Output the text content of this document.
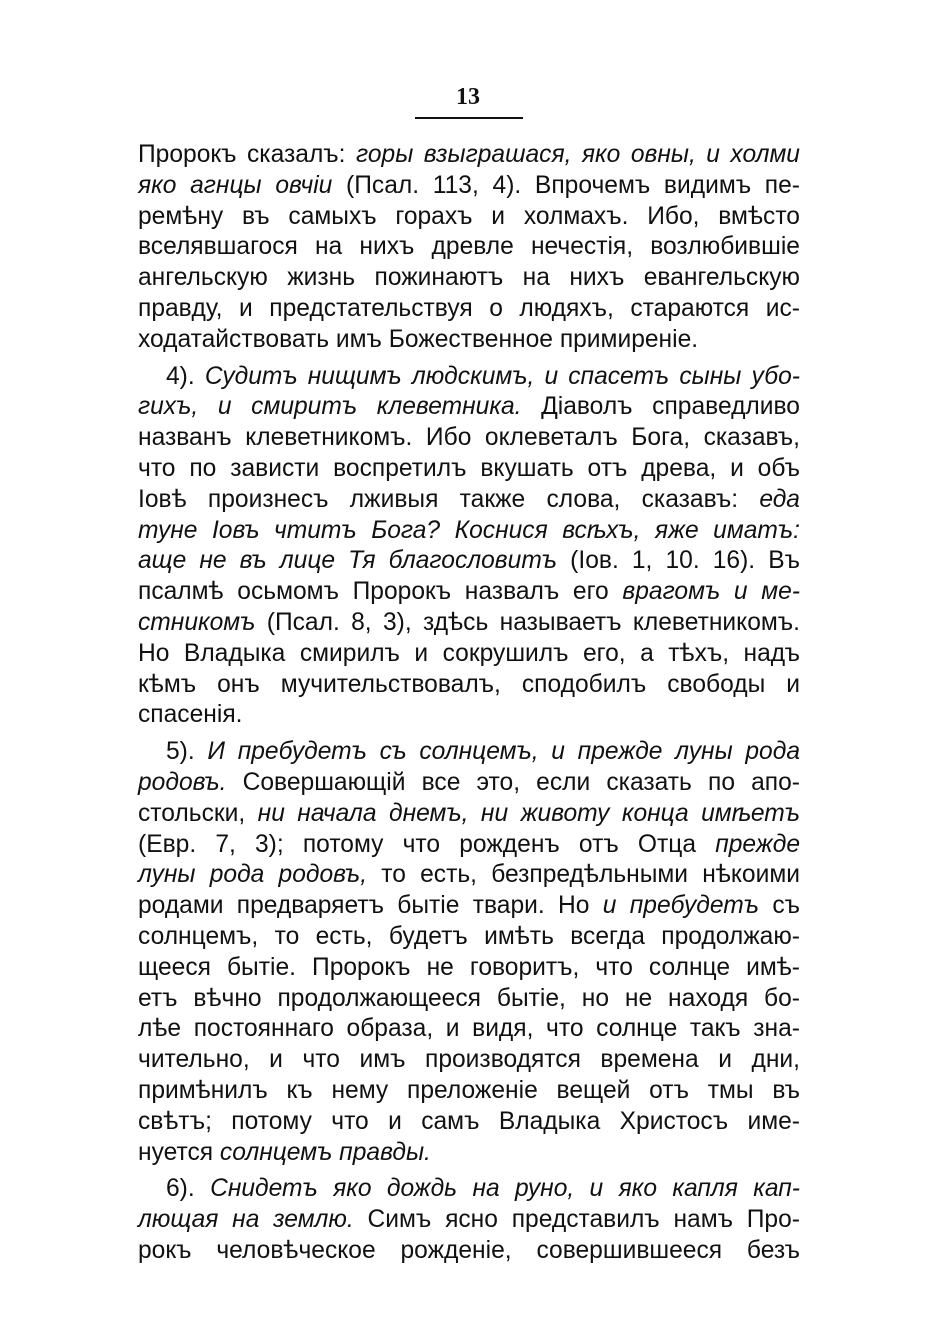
13
Пророкъ сказалъ: горы взыграшася, яко овны, и холми
яко агнцы овчiи (Псал. 113, 4). Впрочемъ видимъ пе-
ремѣну въ самыхъ горахъ и холмахъ. Ибо, вмѣсто
вселявшагося на нихъ древле нечестiя, возлюбившiе
ангельскую жизнь пожинаютъ на нихъ евангельскую
правду, и предстательствуя о людяхъ, стараются ис-
ходатайствовать имъ Божественное примиренiе.
4). Судитъ нищимъ людскимъ, и спасетъ сыны убо-
гихъ, и смиритъ клеветника. Дiаволъ справедливо
названъ клеветникомъ. Ибо оклеветалъ Бога, сказавъ,
что по зависти воспретилъ вкушать отъ древа, и объ
Iовѣ произнесъ лживыя также слова, сказавъ: еда
туне Iовъ чтитъ Бога? Коснися всѣхъ, яже иматъ:
аще не въ лице Тя благословитъ (Iов. 1, 10. 16). Въ
псалмѣ осьмомъ Пророкъ назвалъ его врагомъ и ме-
стникомъ (Псал. 8, 3), здѣсь называетъ клеветникомъ.
Но Владыка смирилъ и сокрушилъ его, а тѣхъ, надъ
кѣмъ онъ мучительствовалъ, сподобилъ свободы и
спасенiя.
5). И пребудетъ съ солнцемъ, и прежде луны рода
родовъ. Совершающiй все это, если сказать по апо-
стольски, ни начала днемъ, ни животу конца имѣетъ
(Евр. 7, 3); потому что рожденъ отъ Отца прежде
луны рода родовъ, то есть, безпредѣльными нѣкоими
родами предваряетъ бытiе твари. Но и пребудетъ съ
солнцемъ, то есть, будетъ имѣть всегда продолжаю-
щееся бытiе. Пророкъ не говоритъ, что солнце имѣ-
етъ вѣчно продолжающееся бытiе, но не находя бо-
лѣе постояннаго образа, и видя, что солнце такъ зна-
чительно, и что имъ производятся времена и дни,
примѣнилъ къ нему преложенiе вещей отъ тмы въ
свѣтъ; потому что и самъ Владыка Христосъ име-
нуется солнцемъ правды.
6). Снидетъ яко дождь на руно, и яко капля кап-
лющая на землю. Симъ ясно представилъ намъ Про-
рокъ человѣческое рожденiе, совершившееся безъ
